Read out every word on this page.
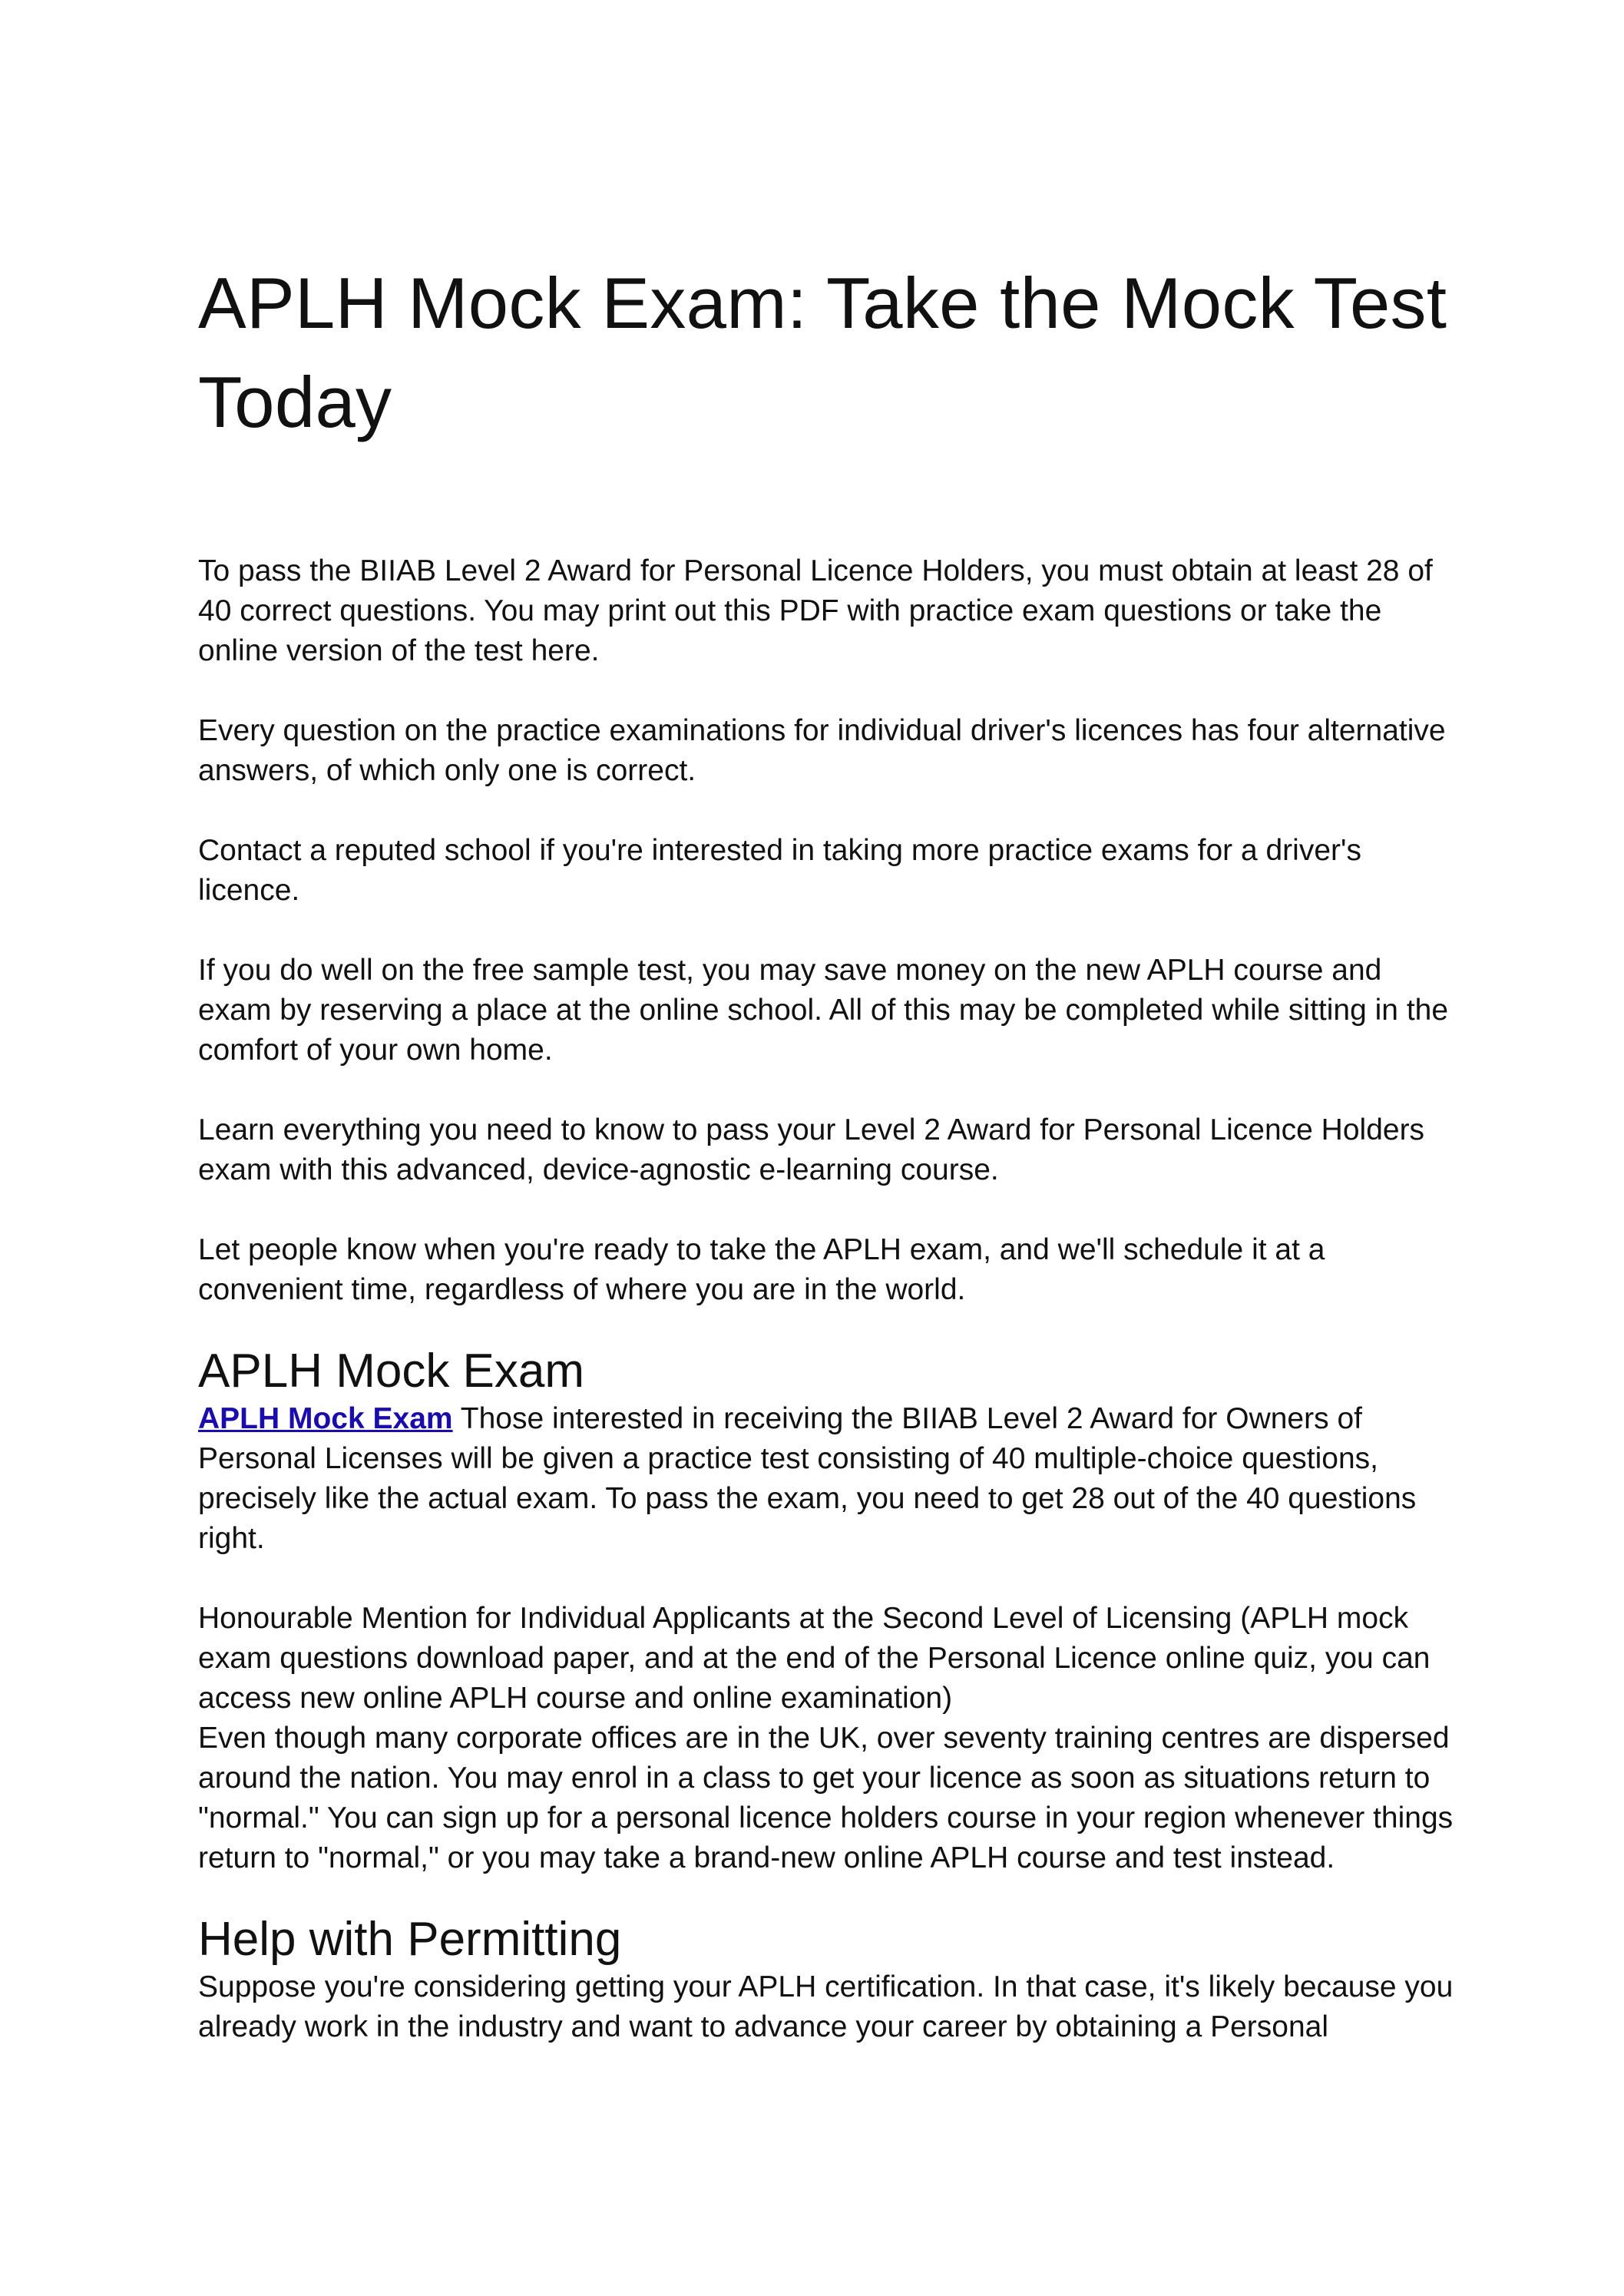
APLH Mock Exam: Take the Mock Test Today

To pass the BIIAB Level 2 Award for Personal Licence Holders, you must obtain at least 28 of 40 correct questions. You may print out this PDF with practice exam questions or take the online version of the test here.

Every question on the practice examinations for individual driver's licences has four alternative answers, of which only one is correct.

Contact a reputed school if you're interested in taking more practice exams for a driver's licence.

If you do well on the free sample test, you may save money on the new APLH course and exam by reserving a place at the online school. All of this may be completed while sitting in the comfort of your own home.

Learn everything you need to know to pass your Level 2 Award for Personal Licence Holders exam with this advanced, device-agnostic e-learning course.

Let people know when you're ready to take the APLH exam, and we'll schedule it at a convenient time, regardless of where you are in the world.

APLH Mock Exam

APLH Mock Exam Those interested in receiving the BIIAB Level 2 Award for Owners of Personal Licenses will be given a practice test consisting of 40 multiple-choice questions, precisely like the actual exam. To pass the exam, you need to get 28 out of the 40 questions right.

Honourable Mention for Individual Applicants at the Second Level of Licensing (APLH mock exam questions download paper, and at the end of the Personal Licence online quiz, you can access new online APLH course and online examination)

Even though many corporate offices are in the UK, over seventy training centres are dispersed around the nation. You may enrol in a class to get your licence as soon as situations return to "normal." You can sign up for a personal licence holders course in your region whenever things return to "normal," or you may take a brand-new online APLH course and test instead.

Help with Permitting

Suppose you're considering getting your APLH certification. In that case, it's likely because you already work in the industry and want to advance your career by obtaining a Personal
